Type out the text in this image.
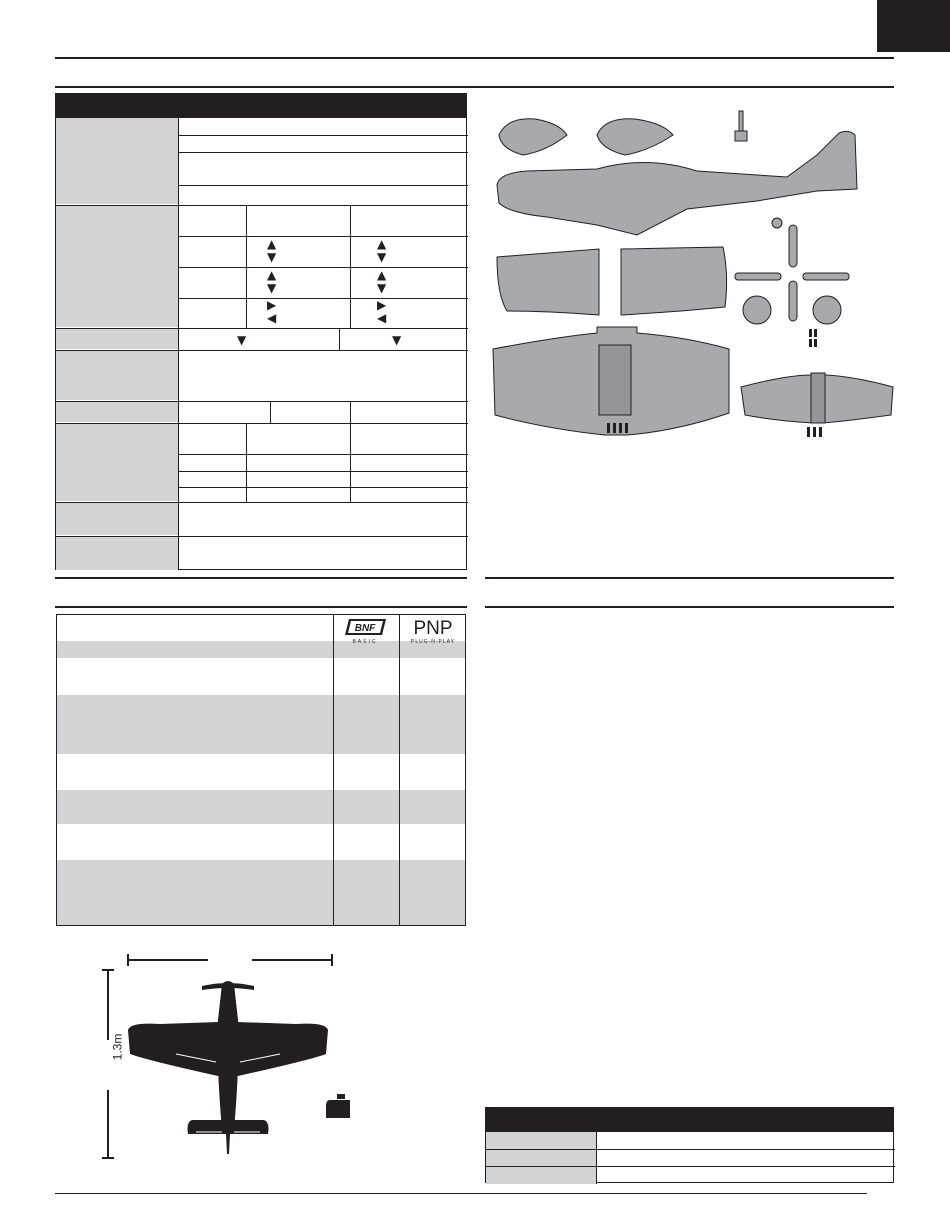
▲
▼
▲
▼
▲
▼
▲
▼
▶
◀
▶
◀
▼	▼
BNF
BASIC
PNP
PLUG-N-PLAY
1.3m
